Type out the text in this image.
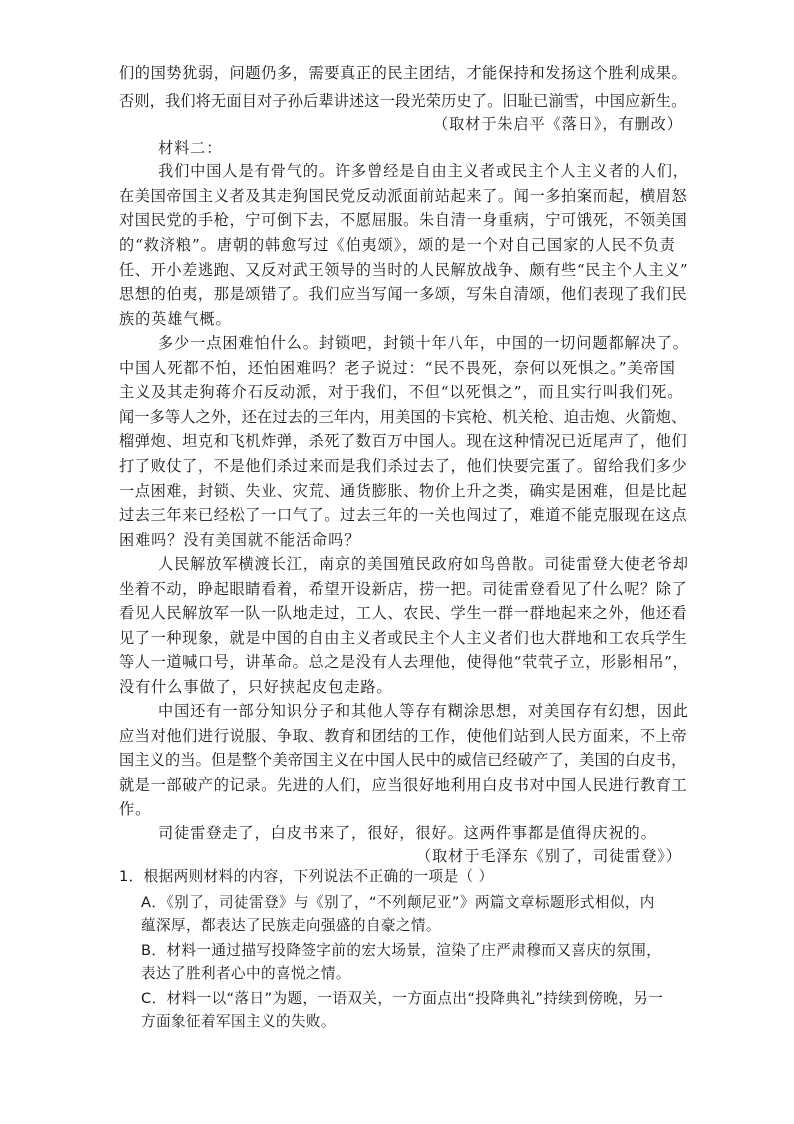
们的国势犹弱，问题仍多，需要真正的民主团结，才能保持和发扬这个胜利成果。
否则，我们将无面目对子孙后辈讲述这一段光荣历史了。旧耻已湔雪，中国应新生。
（取材于朱启平《落日》，有删改）
材料二：
我们中国人是有骨气的。许多曾经是自由主义者或民主个人主义者的人们，
在美国帝国主义者及其走狗国民党反动派面前站起来了。闻一多拍案而起，横眉怒
对国民党的手枪，宁可倒下去，不愿屈服。朱自清一身重病，宁可饿死，不领美国
的“救济粮”。唐朝的韩愈写过《伯夷颂》，颂的是一个对自己国家的人民不负责
任、开小差逃跑、又反对武王领导的当时的人民解放战争、颇有些“民主个人主义”
思想的伯夷，那是颂错了。我们应当写闻一多颂，写朱自清颂，他们表现了我们民
族的英雄气概。
多少一点困难怕什么。封锁吧，封锁十年八年，中国的一切问题都解决了。
中国人死都不怕，还怕困难吗？老子说过：“民不畏死，奈何以死惧之。”美帝国
主义及其走狗蒋介石反动派，对于我们，不但“以死惧之”，而且实行叫我们死。
闻一多等人之外，还在过去的三年内，用美国的卡宾枪、机关枪、迫击炮、火箭炮、
榴弹炮、坦克和飞机炸弹，杀死了数百万中国人。现在这种情况已近尾声了，他们
打了败仗了，不是他们杀过来而是我们杀过去了，他们快要完蛋了。留给我们多少
一点困难，封锁、失业、灾荒、通货膨胀、物价上升之类，确实是困难，但是比起
过去三年来已经松了一口气了。过去三年的一关也闯过了，难道不能克服现在这点
困难吗？没有美国就不能活命吗？
人民解放军横渡长江，南京的美国殖民政府如鸟兽散。司徒雷登大使老爷却
坐着不动，睁起眼睛看着，希望开设新店，捞一把。司徒雷登看见了什么呢？除了
看见人民解放军一队一队地走过，工人、农民、学生一群一群地起来之外，他还看
见了一种现象，就是中国的自由主义者或民主个人主义者们也大群地和工农兵学生
等人一道喊口号，讲革命。总之是没有人去理他，使得他“茕茕孑立，形影相吊”，
没有什么事做了，只好挟起皮包走路。
中国还有一部分知识分子和其他人等存有糊涂思想，对美国存有幻想，因此
应当对他们进行说服、争取、教育和团结的工作，使他们站到人民方面来，不上帝
国主义的当。但是整个美帝国主义在中国人民中的威信已经破产了，美国的白皮书，
就是一部破产的记录。先进的人们，应当很好地利用白皮书对中国人民进行教育工
作。
司徒雷登走了，白皮书来了，很好，很好。这两件事都是值得庆祝的。
（取材于毛泽东《别了，司徒雷登》）
1．根据两则材料的内容，下列说法不正确的一项是（ ）
A．《别了，司徒雷登》与《别了，“不列颠尼亚”》两篇文章标题形式相似，内
蕴深厚，都表达了民族走向强盛的自豪之情。
B．材料一通过描写投降签字前的宏大场景，渲染了庄严肃穆而又喜庆的氛围，
表达了胜利者心中的喜悦之情。
C．材料一以“落日”为题，一语双关，一方面点出“投降典礼”持续到傍晚，另一
方面象征着军国主义的失败。
